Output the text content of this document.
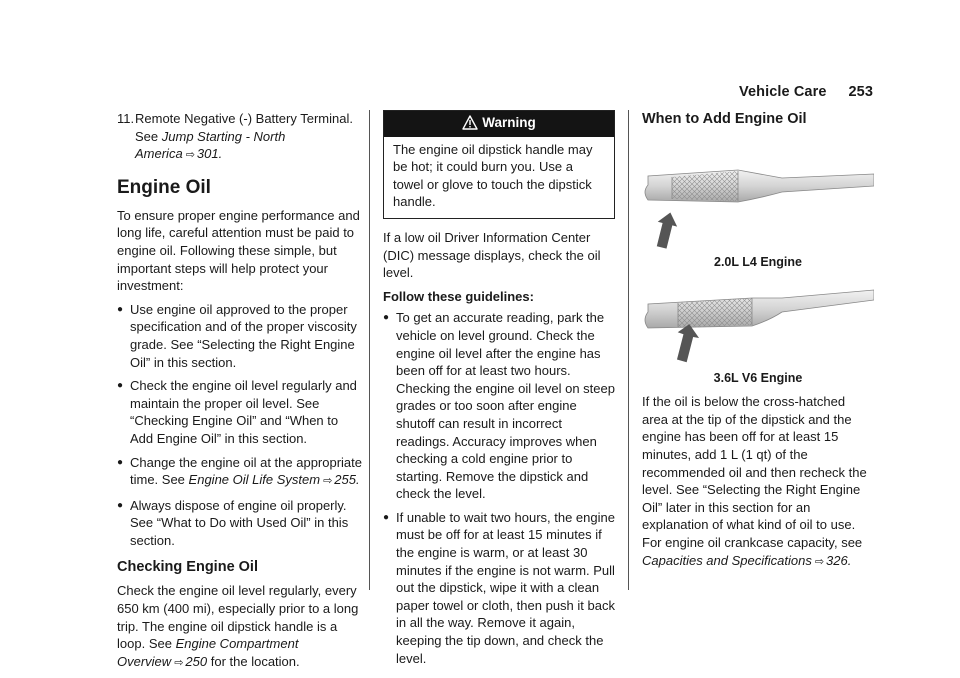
Vehicle Care 253
11. Remote Negative (-) Battery Terminal.
See Jump Starting - North America ⇨ 301.
Engine Oil

To ensure proper engine performance and long life, careful attention must be paid to engine oil. Following these simple, but important steps will help protect your investment:

● Use engine oil approved to the proper specification and of the proper viscosity grade. See “Selecting the Right Engine Oil” in this section.
● Check the engine oil level regularly and maintain the proper oil level. See “Checking Engine Oil” and “When to Add Engine Oil” in this section.
● Change the engine oil at the appropriate time. See Engine Oil Life System ⇨ 255.
● Always dispose of engine oil properly. See “What to Do with Used Oil” in this section.
Checking Engine Oil

Check the engine oil level regularly, every 650 km (400 mi), especially prior to a long trip. The engine oil dipstick handle is a loop. See Engine Compartment Overview ⇨ 250 for the location.

Warning
The engine oil dipstick handle may be hot; it could burn you. Use a towel or glove to touch the dipstick handle.

If a low oil Driver Information Center (DIC) message displays, check the oil level.

Follow these guidelines:

● To get an accurate reading, park the vehicle on level ground. Check the engine oil level after the engine has been off for at least two hours. Checking the engine oil level on steep grades or too soon after engine shutoff can result in incorrect readings. Accuracy improves when checking a cold engine prior to starting. Remove the dipstick and check the level.
● If unable to wait two hours, the engine must be off for at least 15 minutes if the engine is warm, or at least 30 minutes if the engine is not warm. Pull out the dipstick, wipe it with a clean paper towel or cloth, then push it back in all the way. Remove it again, keeping the tip down, and check the level.
When to Add Engine Oil
2.0L L4 Engine
3.6L V6 Engine

If the oil is below the cross-hatched area at the tip of the dipstick and the engine has been off for at least 15 minutes, add 1 L (1 qt) of the recommended oil and then recheck the level. See “Selecting the Right Engine Oil” later in this section for an explanation of what kind of oil to use. For engine oil crankcase capacity, see Capacities and Specifications ⇨ 326.
